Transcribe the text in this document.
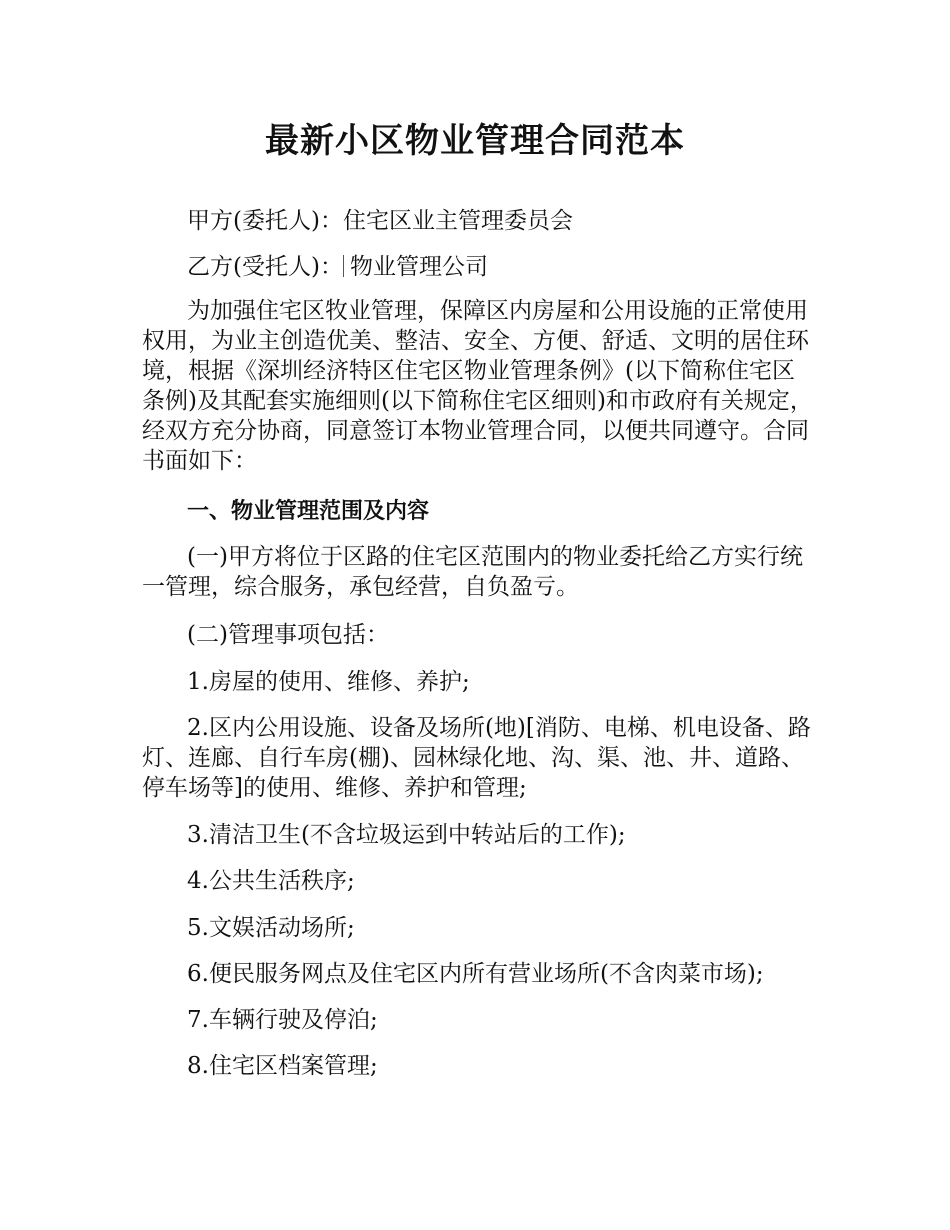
最新小区物业管理合同范本

甲方(委托人)：住宅区业主管理委员会

乙方(受托人)： 物业管理公司

为加强住宅区牧业管理，保障区内房屋和公用设施的正常使用权用，为业主创造优美、整洁、安全、方便、舒适、文明的居住环境，根据《深圳经济特区住宅区物业管理条例》(以下简称住宅区条例)及其配套实施细则(以下简称住宅区细则)和市政府有关规定，经双方充分协商，同意签订本物业管理合同，以便共同遵守。合同书面如下：

一、物业管理范围及内容

(一)甲方将位于区路的住宅区范围内的物业委托给乙方实行统一管理，综合服务，承包经营，自负盈亏。

(二)管理事项包括：

1.房屋的使用、维修、养护;

2.区内公用设施、设备及场所(地)[消防、电梯、机电设备、路灯、连廊、自行车房(棚)、园林绿化地、沟、渠、池、井、道路、停车场等]的使用、维修、养护和管理;

3.清洁卫生(不含垃圾运到中转站后的工作);

4.公共生活秩序;

5.文娱活动场所;

6.便民服务网点及住宅区内所有营业场所(不含肉菜市场);

7.车辆行驶及停泊;

8.住宅区档案管理;
